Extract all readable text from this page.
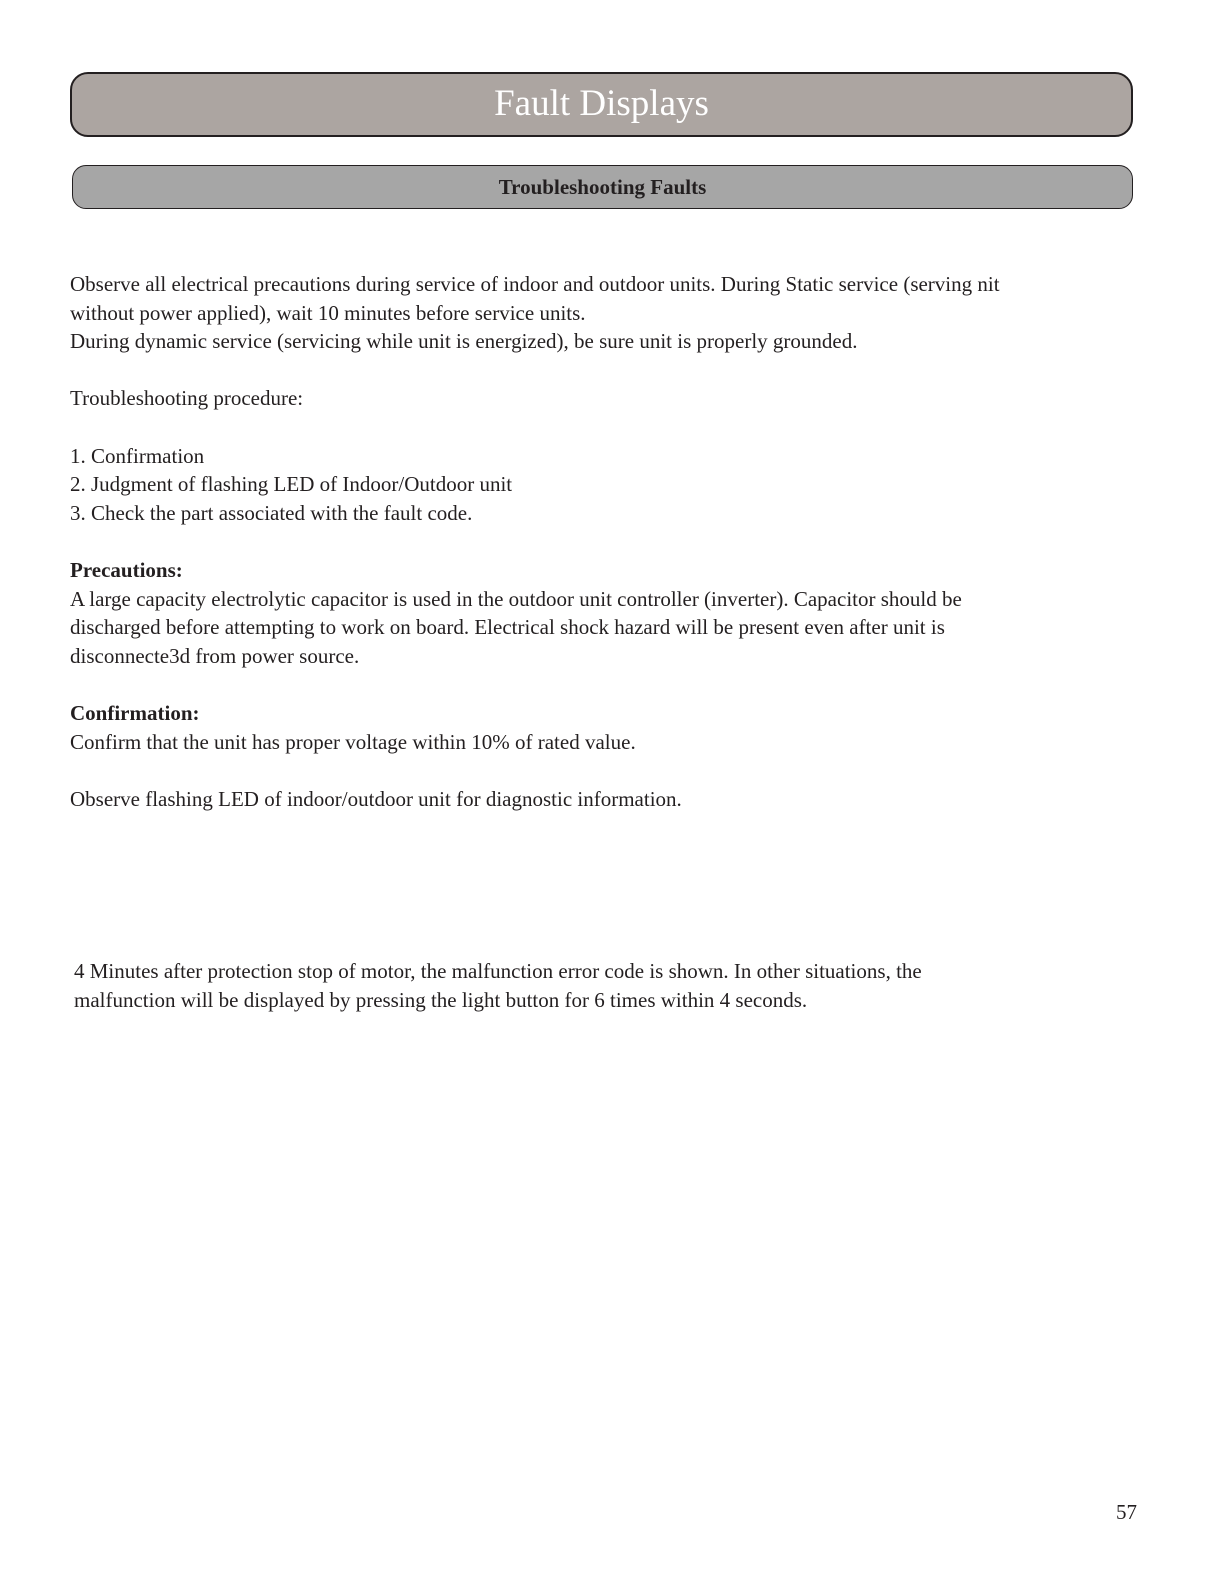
Fault Displays
Troubleshooting Faults

Observe all electrical precautions during service of indoor and outdoor units. During Static service (serving nit

without power applied), wait 10 minutes before service units.

During dynamic service (servicing while unit is energized), be sure unit is properly grounded.

Troubleshooting procedure:

1. Confirmation

2. Judgment of flashing LED of Indoor/Outdoor unit

3. Check the part associated with the fault code.

Precautions:

A large capacity electrolytic capacitor is used in the outdoor unit controller (inverter). Capacitor should be

discharged before attempting to work on board. Electrical shock hazard will be present even after unit is

disconnecte3d from power source.

Confirmation:

Confirm that the unit has proper voltage within 10% of rated value.

Observe flashing LED of indoor/outdoor unit for diagnostic information.

4 Minutes after protection stop of motor, the malfunction error code is shown. In other situations, the

malfunction will be displayed by pressing the light button for 6 times within 4 seconds.

57
